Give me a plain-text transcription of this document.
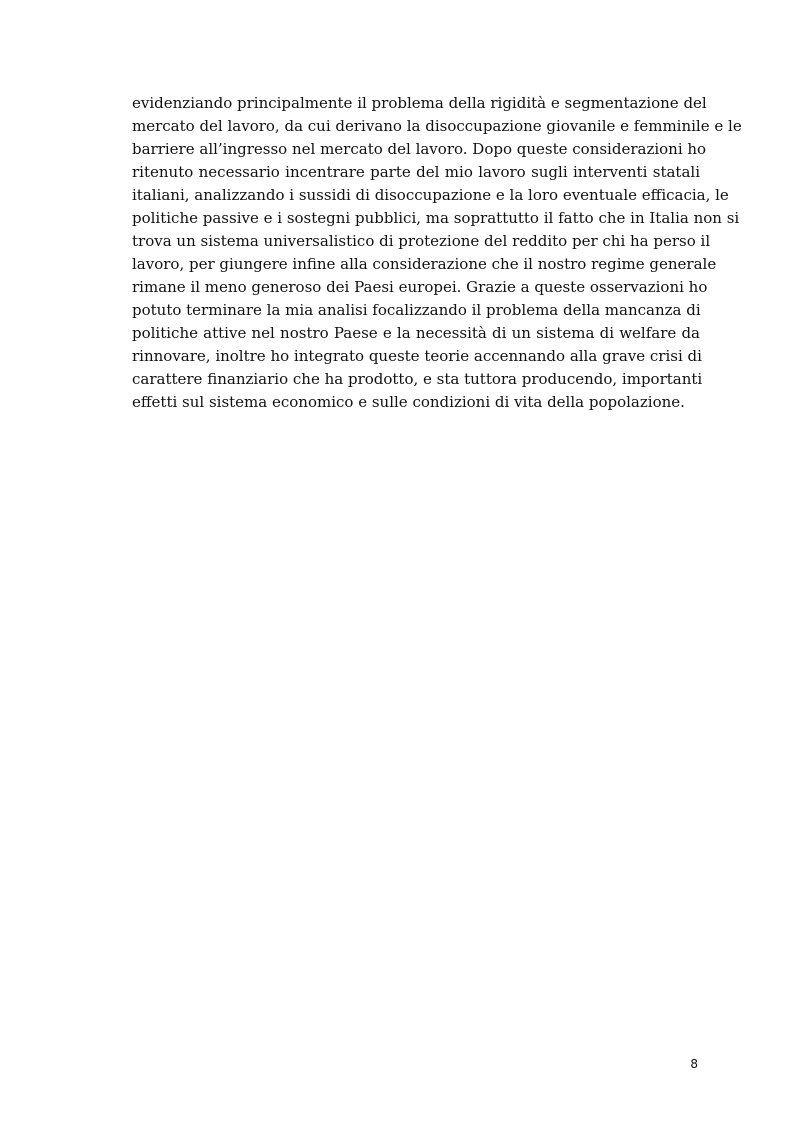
evidenziando principalmente il problema della rigidità e segmentazione del
mercato del lavoro, da cui derivano la disoccupazione giovanile e femminile e le
barriere all’ingresso nel mercato del lavoro. Dopo queste considerazioni ho
ritenuto necessario incentrare parte del mio lavoro sugli interventi statali
italiani, analizzando i sussidi di disoccupazione e la loro eventuale efficacia, le
politiche passive e i sostegni pubblici, ma soprattutto il fatto che in Italia non si
trova un sistema universalistico di protezione del reddito per chi ha perso il
lavoro, per giungere infine alla considerazione che il nostro regime generale
rimane il meno generoso dei Paesi europei. Grazie a queste osservazioni ho
potuto terminare la mia analisi focalizzando il problema della mancanza di
politiche attive nel nostro Paese e la necessità di un sistema di welfare da
rinnovare, inoltre ho integrato queste teorie accennando alla grave crisi di
carattere finanziario che ha prodotto, e sta tuttora producendo, importanti
effetti sul sistema economico e sulle condizioni di vita della popolazione.
8
